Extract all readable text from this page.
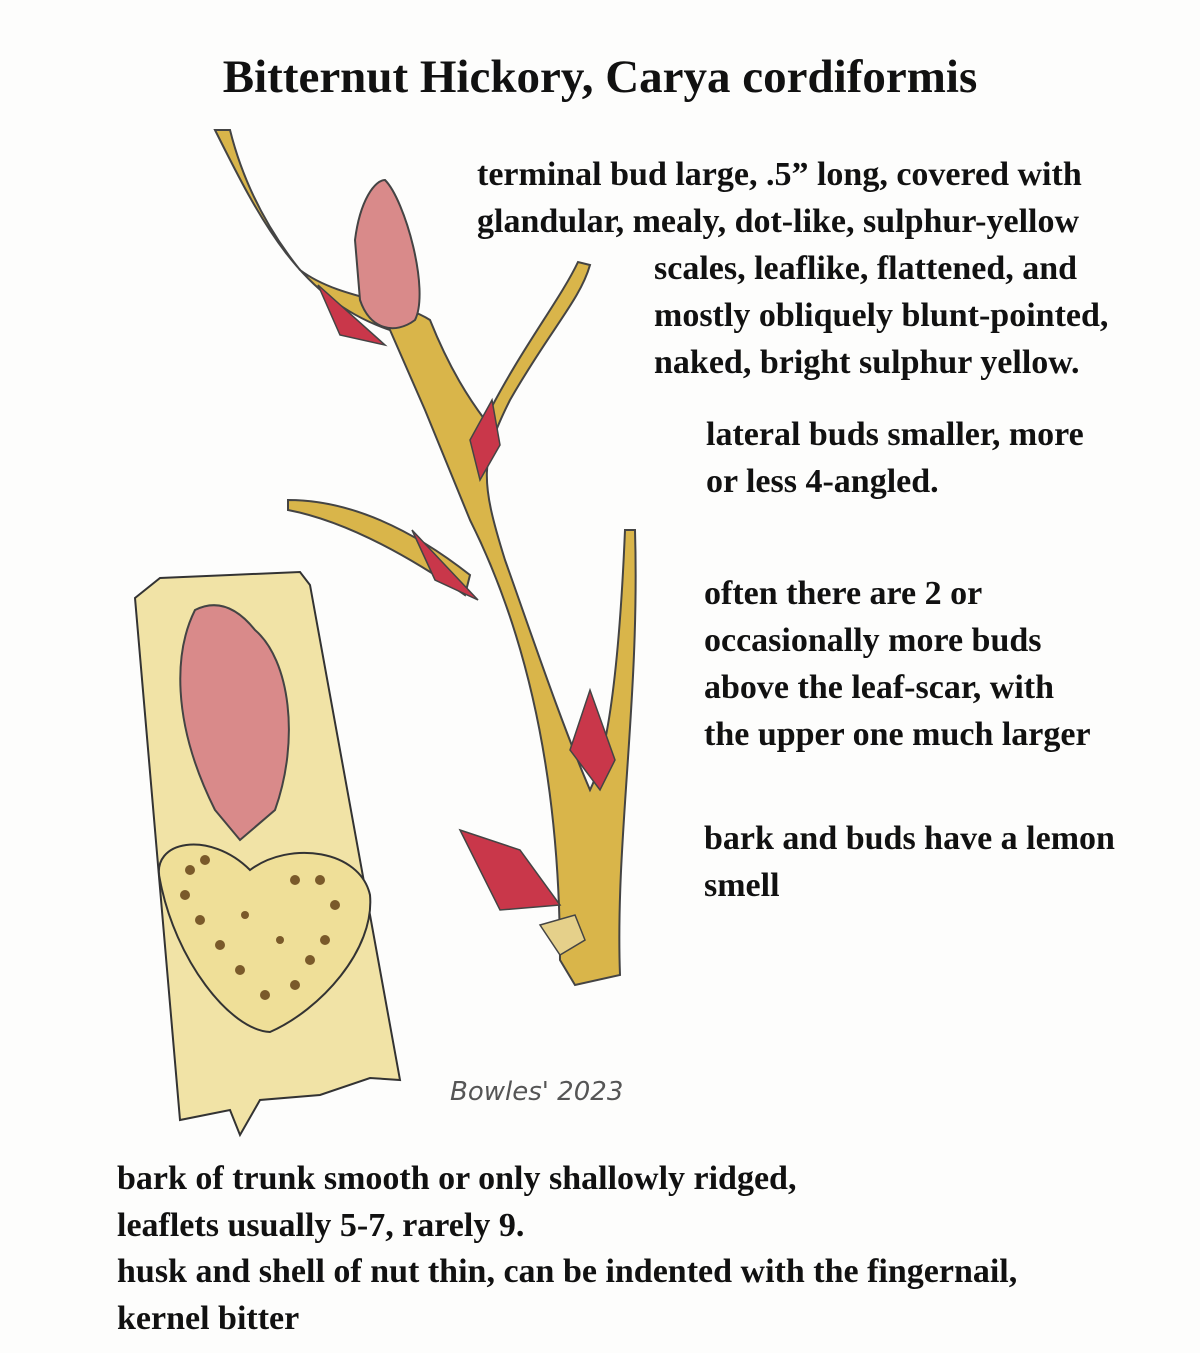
Bitternut Hickory, Carya cordiformis
Bowles' 2023
terminal bud large, .5” long, covered with
glandular, mealy, dot-like, sulphur-yellow
scales, leaflike, flattened, and
mostly obliquely blunt-pointed,
naked, bright sulphur yellow.
lateral buds smaller, more
or less 4-angled.
often there are 2 or
occasionally more buds
above the leaf-scar, with
the upper one much larger
bark and buds have a lemon
smell
bark of trunk smooth or only shallowly ridged,
leaflets usually 5-7, rarely 9.
husk and shell of nut thin, can be indented with the fingernail,
kernel bitter
